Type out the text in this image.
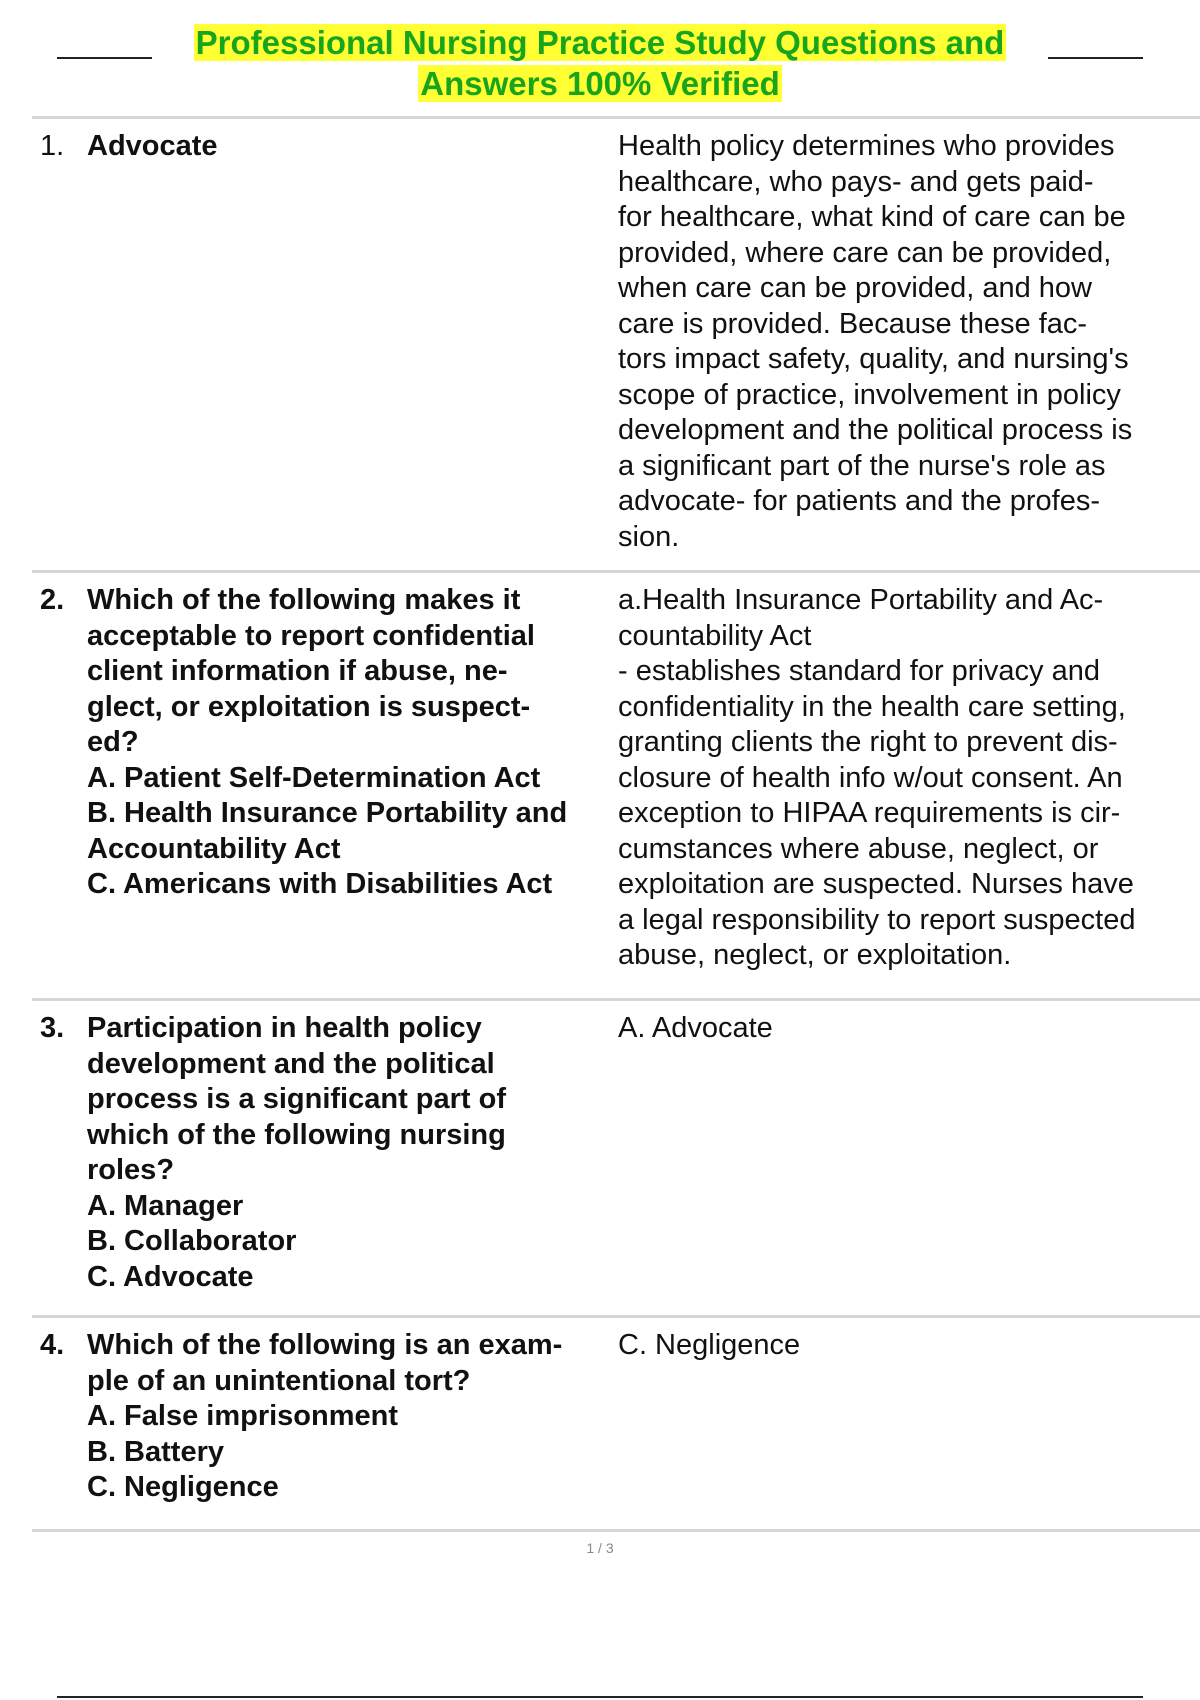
Professional Nursing Practice Study Questions and Answers 100% Verified
1. Advocate	Health policy determines who provides
healthcare, who pays- and gets paid-
for healthcare, what kind of care can be
provided, where care can be provided,
when care can be provided, and how
care is provided. Because these fac-
tors impact safety, quality, and nursing's
scope of practice, involvement in policy
development and the political process is
a significant part of the nurse's role as
advocate- for patients and the profes-
sion.
2. Which of the following makes it
acceptable to report confidential
client information if abuse, ne-
glect, or exploitation is suspect-
ed?
A. Patient Self-Determination Act
B. Health Insurance Portability and
Accountability Act
C. Americans with Disabilities Act
a.Health Insurance Portability and Ac-
countability Act
- establishes standard for privacy and
confidentiality in the health care setting,
granting clients the right to prevent dis-
closure of health info w/out consent. An
exception to HIPAA requirements is cir-
cumstances where abuse, neglect, or
exploitation are suspected. Nurses have
a legal responsibility to report suspected
abuse, neglect, or exploitation.
3. Participation in health policy
development and the political
process is a significant part of
which of the following nursing
roles?
A. Manager
B. Collaborator
C. Advocate
A. Advocate
4. Which of the following is an exam-
ple of an unintentional tort?
A. False imprisonment
B. Battery
C. Negligence
C. Negligence
1 / 3
